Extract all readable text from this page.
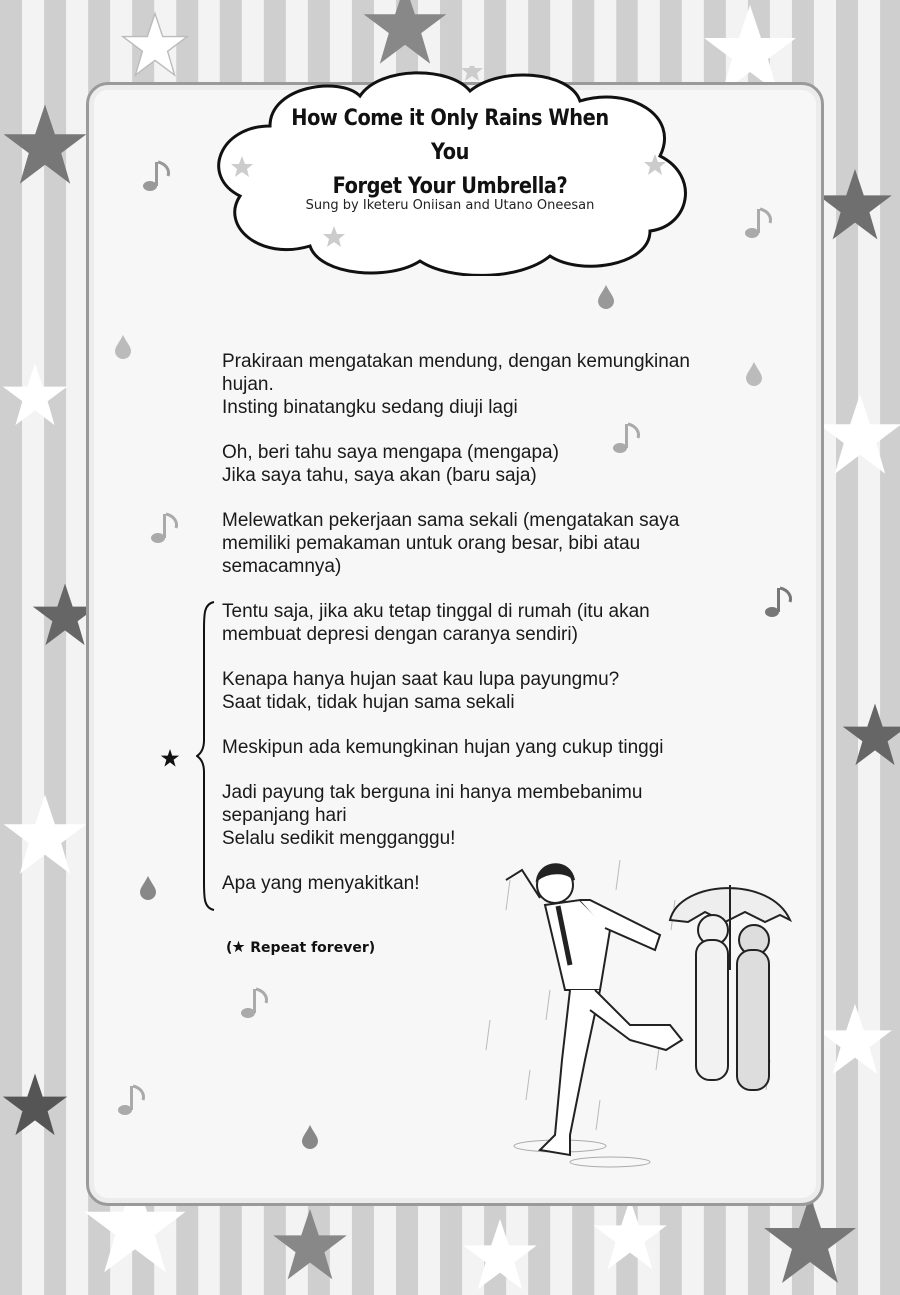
How Come it Only Rains When You
Forget Your Umbrella?
Sung by Iketeru Oniisan and Utano Oneesan

Prakiraan mengatakan mendung, dengan kemungkinan

hujan.

Insting binatangku sedang diuji lagi

Oh, beri tahu saya mengapa (mengapa)

Jika saya tahu, saya akan (baru saja)

Melewatkan pekerjaan sama sekali (mengatakan saya

memiliki pemakaman untuk orang besar, bibi atau

semacamnya)

Tentu saja, jika aku tetap tinggal di rumah (itu akan

membuat depresi dengan caranya sendiri)

Kenapa hanya hujan saat kau lupa payungmu?

Saat tidak, tidak hujan sama sekali

Meskipun ada kemungkinan hujan yang cukup tinggi

Jadi payung tak berguna ini hanya membebanimu

sepanjang hari

Selalu sedikit mengganggu!

Apa yang menyakitkan!

( Repeat forever)
